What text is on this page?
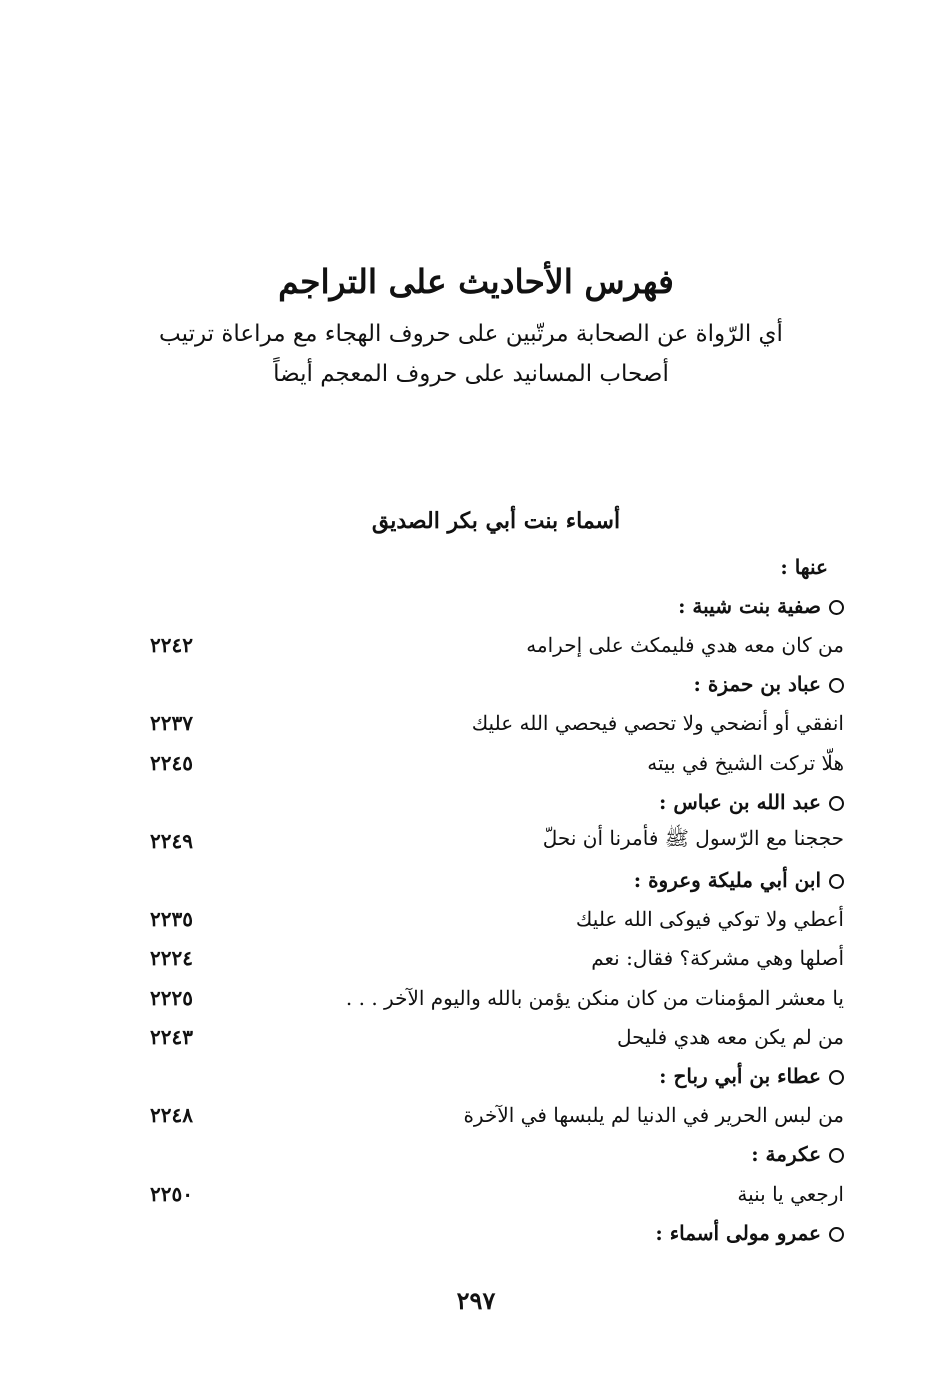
فهرس الأحاديث على التراجم
أي الرّواة عن الصحابة مرتّبين على حروف الهجاء مع مراعاة ترتيب
أصحاب المسانيد على حروف المعجم أيضاً
أسماء بنت أبي بكر الصديق
عنها :
صفية بنت شيبة :
من كان معه هدي فليمكث على إحرامه
٢٢٤٢
عباد بن حمزة :
انفقي أو أنضحي ولا تحصي فيحصي الله عليك
٢٢٣٧
هلّا تركت الشيخ في بيته
٢٢٤٥
عبد الله بن عباس :
حججنا مع الرّسول ﷺ فأمرنا أن نحلّ
٢٢٤٩
ابن أبي مليكة وعروة :
أعطي ولا توكي فيوكى الله عليك
٢٢٣٥
أصلها وهي مشركة؟ فقال: نعم
٢٢٢٤
يا معشر المؤمنات من كان منكن يؤمن بالله واليوم الآخر . . .
٢٢٢٥
من لم يكن معه هدي فليحل
٢٢٤٣
عطاء بن أبي رباح :
من لبس الحرير في الدنيا لم يلبسها في الآخرة
٢٢٤٨
عكرمة :
ارجعي يا بنية
٢٢٥٠
عمرو مولى أسماء :
٢٩٧
